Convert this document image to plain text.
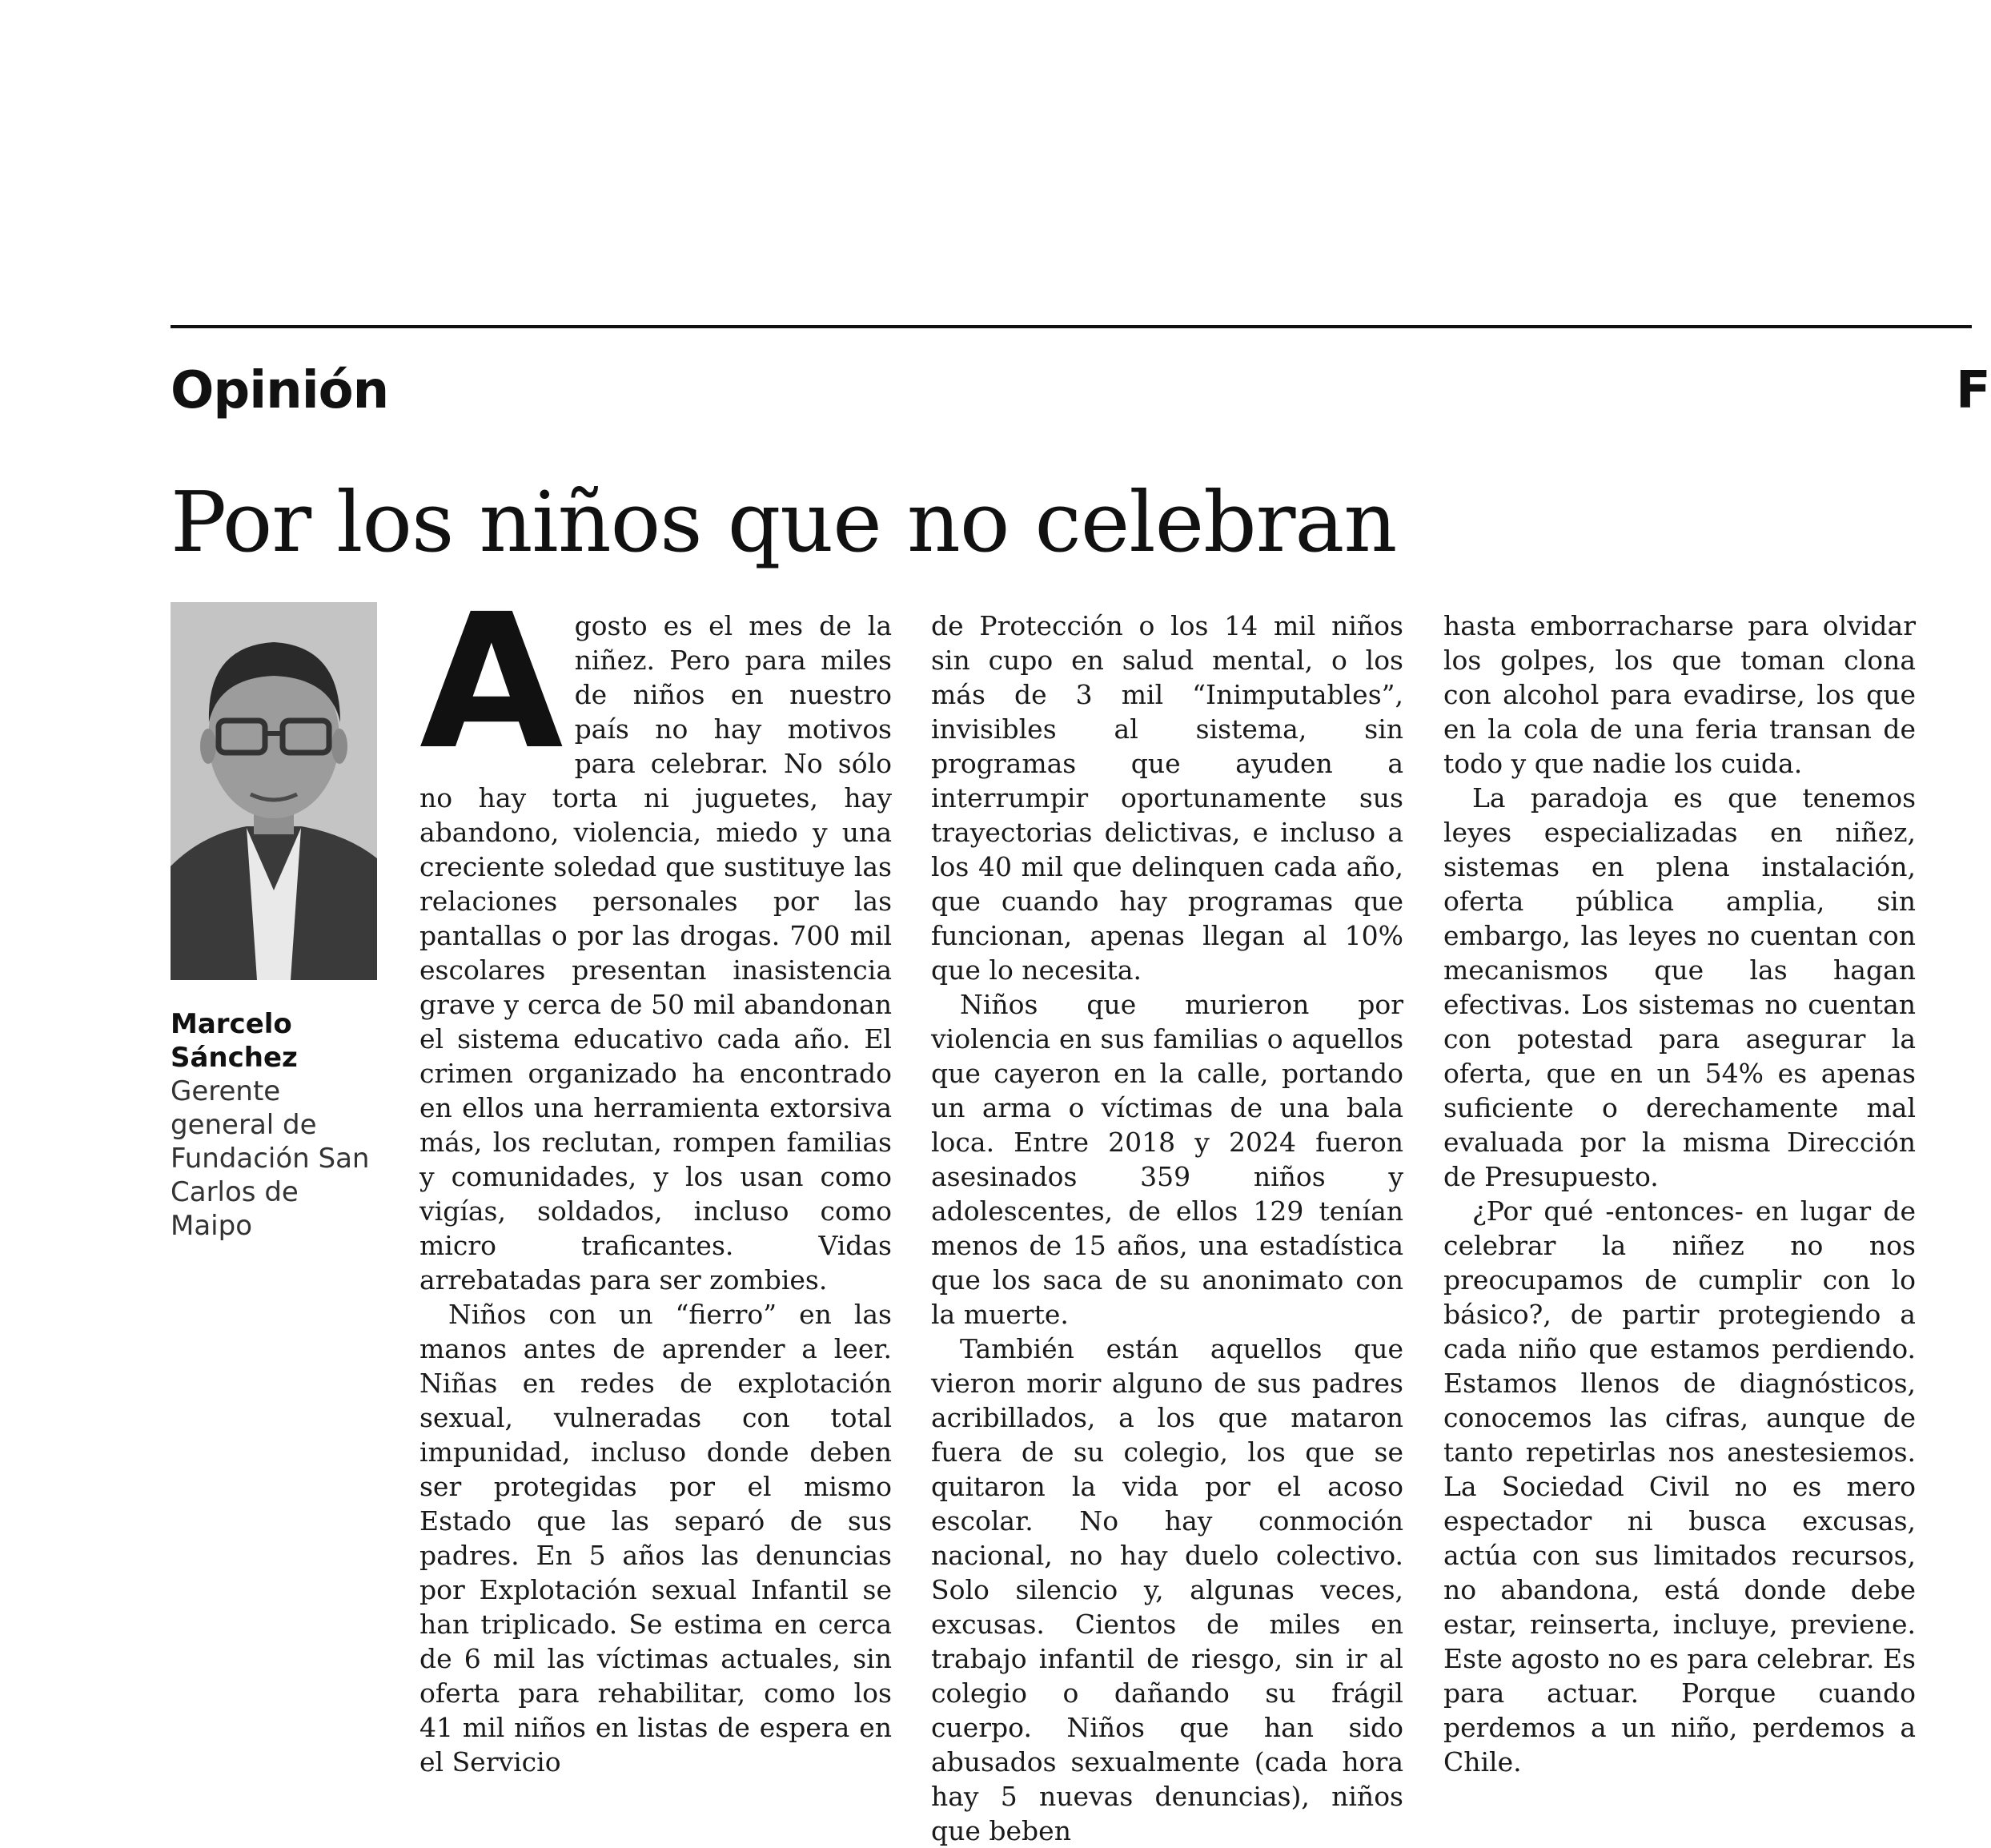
Opinión	F
Por los niños que no celebran
Marcelo Sánchez
Gerente general de Fundación San Carlos de Maipo

Agosto es el mes de la niñez. Pero para miles de niños en nuestro país no hay motivos para celebrar. No sólo no hay torta ni juguetes, hay abandono, violencia, miedo y una creciente soledad que sustituye las relaciones personales por las pantallas o por las drogas. 700 mil escolares presentan inasistencia grave y cerca de 50 mil abandonan el sistema educativo cada año. El crimen organizado ha encontrado en ellos una herramienta extorsiva más, los reclutan, rompen familias y comunidades, y los usan como vigías, soldados, incluso como micro traficantes. Vidas arrebatadas para ser zombies.

Niños con un “fierro” en las manos antes de aprender a leer. Niñas en redes de explotación sexual, vulneradas con total impunidad, incluso donde deben ser protegidas por el mismo Estado que las separó de sus padres. En 5 años las denuncias por Explotación sexual Infantil se han triplicado. Se estima en cerca de 6 mil las víctimas actuales, sin oferta para rehabilitar, como los 41 mil niños en listas de espera en el Servicio

de Protección o los 14 mil niños sin cupo en salud mental, o los más de 3 mil “Inimputables”, invisibles al sistema, sin programas que ayuden a interrumpir oportunamente sus trayectorias delictivas, e incluso a los 40 mil que delinquen cada año, que cuando hay programas que funcionan, apenas llegan al 10% que lo necesita.

Niños que murieron por violencia en sus familias o aquellos que cayeron en la calle, portando un arma o víctimas de una bala loca. Entre 2018 y 2024 fueron asesinados 359 niños y adolescentes, de ellos 129 tenían menos de 15 años, una estadística que los saca de su anonimato con la muerte.

También están aquellos que vieron morir alguno de sus padres acribillados, a los que mataron fuera de su colegio, los que se quitaron la vida por el acoso escolar. No hay conmoción nacional, no hay duelo colectivo. Solo silencio y, algunas veces, excusas. Cientos de miles en trabajo infantil de riesgo, sin ir al colegio o dañando su frágil cuerpo. Niños que han sido abusados sexualmente (cada hora hay 5 nuevas denuncias), niños que beben

hasta emborracharse para olvidar los golpes, los que toman clona con alcohol para evadirse, los que en la cola de una feria transan de todo y que nadie los cuida.

La paradoja es que tenemos leyes especializadas en niñez, sistemas en plena instalación, oferta pública amplia, sin embargo, las leyes no cuentan con mecanismos que las hagan efectivas. Los sistemas no cuentan con potestad para asegurar la oferta, que en un 54% es apenas suficiente o derechamente mal evaluada por la misma Dirección de Presupuesto.

¿Por qué -entonces- en lugar de celebrar la niñez no nos preocupamos de cumplir con lo básico?, de partir protegiendo a cada niño que estamos perdiendo. Estamos llenos de diagnósticos, conocemos las cifras, aunque de tanto repetirlas nos anestesiemos. La Sociedad Civil no es mero espectador ni busca excusas, actúa con sus limitados recursos, no abandona, está donde debe estar, reinserta, incluye, previene. Este agosto no es para celebrar. Es para actuar. Porque cuando perdemos a un niño, perdemos a Chile.
